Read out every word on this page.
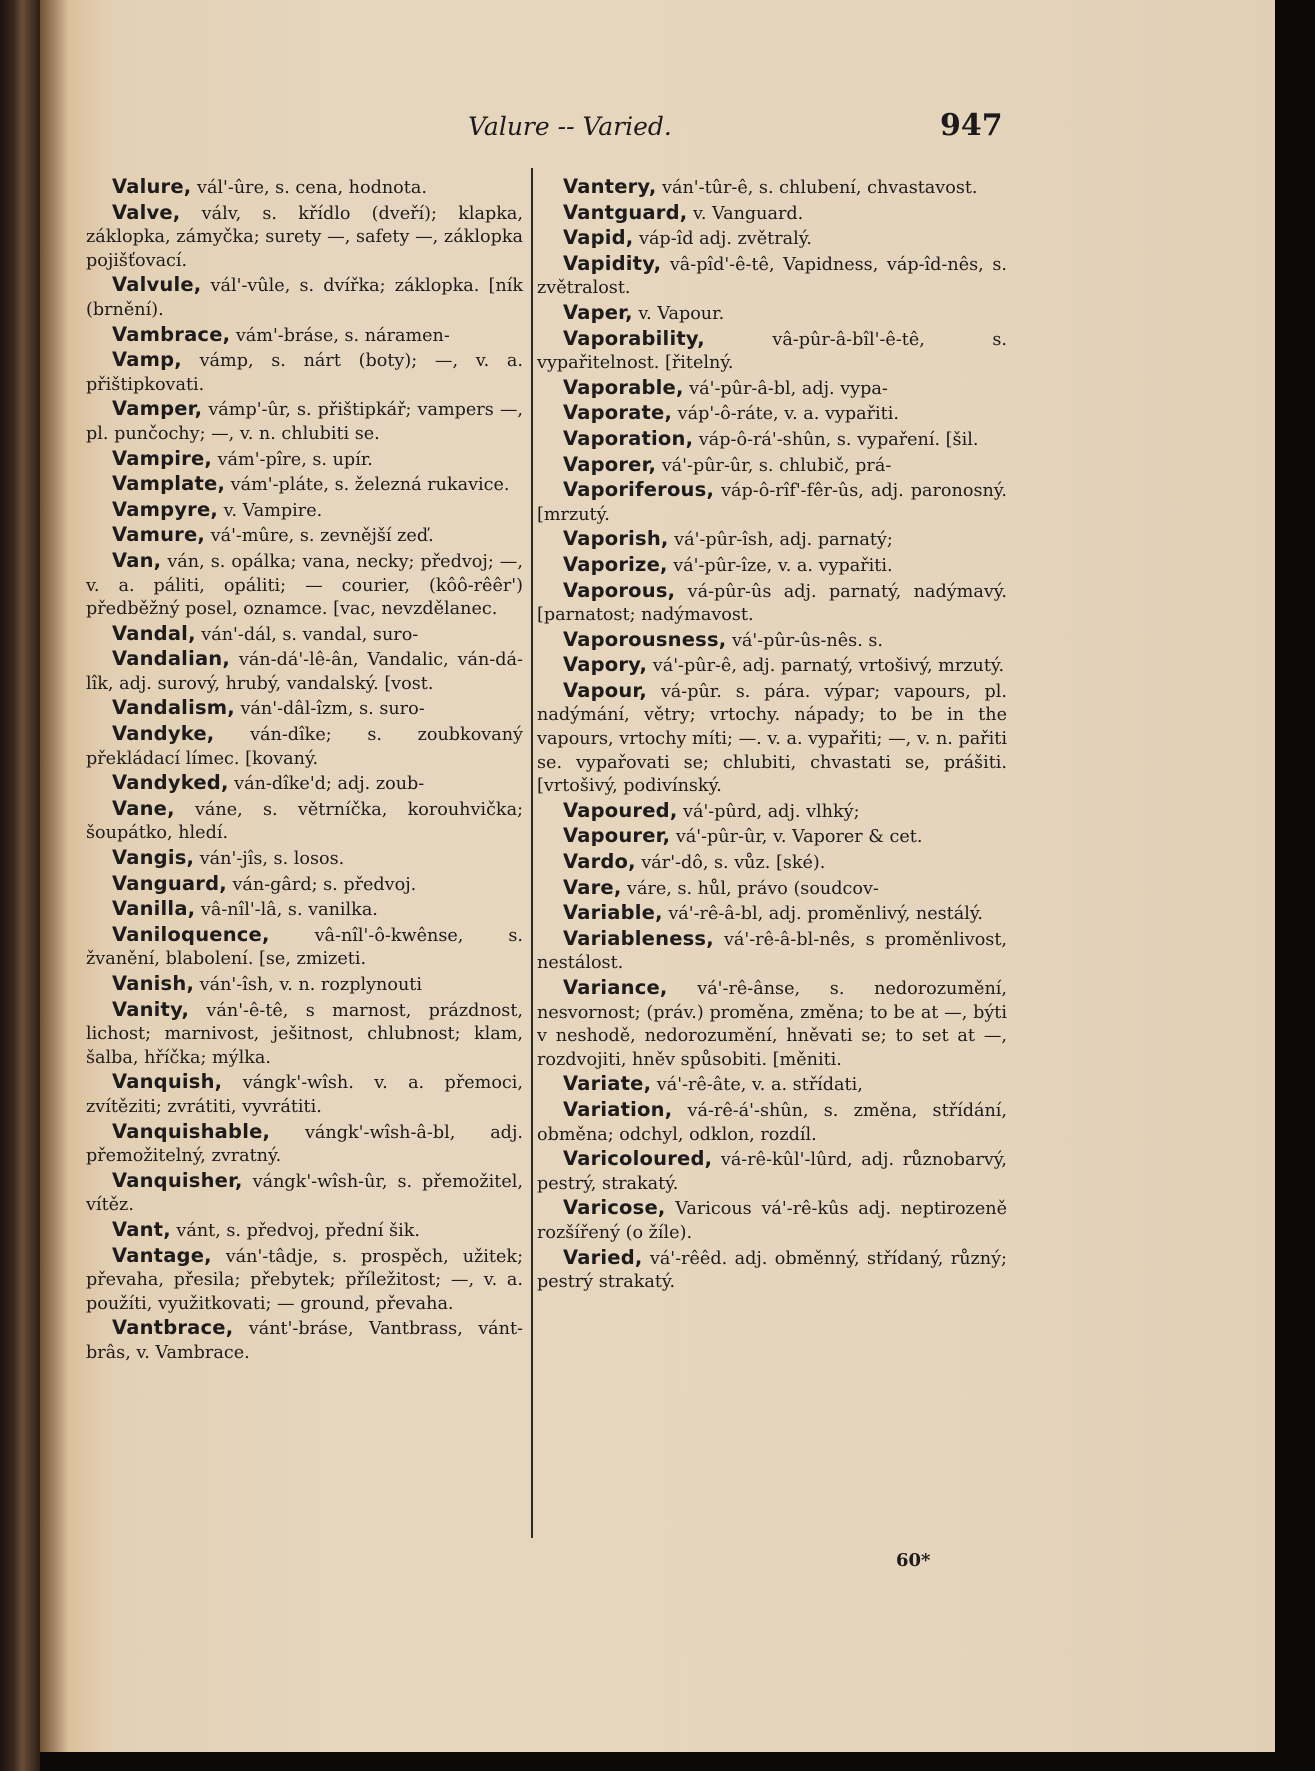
Valure -- Varied.	947

Valure, vál'-ûre, s. cena, hodnota.

Valve, válv, s. křídlo (dveří); klapka, záklopka, zámyčka; surety —, safety —, záklopka pojišťovací.

Valvule, vál'-vûle, s. dvířka; záklopka. [ník (brnění).

Vambrace, vám'-bráse, s. náramen-

Vamp, vámp, s. nárt (boty); —, v. a. přištipkovati.

Vamper, vámp'-ûr, s. přištipkář; vampers —, pl. punčochy; —, v. n. chlubiti se.

Vampire, vám'-pîre, s. upír.

Vamplate, vám'-pláte, s. železná rukavice.

Vampyre, v. Vampire.

Vamure, vá'-mûre, s. zevnější zeď.

Van, ván, s. opálka; vana, necky; předvoj; —, v. a. páliti, opáliti; — courier, (kôô-rêêr') předběžný posel, oznamce. [vac, nevzdělanec.

Vandal, ván'-dál, s. vandal, suro-

Vandalian, ván-dá'-lê-ân, Vandalic, ván-dá-lîk, adj. surový, hrubý, vandalský. [vost.

Vandalism, ván'-dâl-îzm, s. suro-

Vandyke, ván-dîke; s. zoubkovaný překládací límec. [kovaný.

Vandyked, ván-dîke'd; adj. zoub-

Vane, váne, s. větrníčka, korouhvička; šoupátko, hledí.

Vangis, ván'-jîs, s. losos.

Vanguard, ván-gârd; s. předvoj.

Vanilla, vâ-nîl'-lâ, s. vanilka.

Vaniloquence, vâ-nîl'-ô-kwênse, s. žvanění, blabolení. [se, zmizeti.

Vanish, ván'-îsh, v. n. rozplynouti

Vanity, ván'-ê-tê, s marnost, prázdnost, lichost; marnivost, ješitnost, chlubnost; klam, šalba, hříčka; mýlka.

Vanquish, vángk'-wîsh. v. a. přemoci, zvítěziti; zvrátiti, vyvrátiti.

Vanquishable, vángk'-wîsh-â-bl, adj. přemožitelný, zvratný.

Vanquisher, vángk'-wîsh-ûr, s. přemožitel, vítěz.

Vant, vánt, s. předvoj, přední šik.

Vantage, ván'-tâdje, s. prospěch, užitek; převaha, přesila; přebytek; příležitost; —, v. a. použíti, využitkovati; — ground, převaha.

Vantbrace, vánt'-bráse, Vantbrass, vánt-brâs, v. Vambrace.

Vantery, ván'-tûr-ê, s. chlubení, chvastavost.

Vantguard, v. Vanguard.

Vapid, váp-îd adj. zvětralý.

Vapidity, vâ-pîd'-ê-tê, Vapidness, váp-îd-nês, s. zvětralost.

Vaper, v. Vapour.

Vaporability, vâ-pûr-â-bîl'-ê-tê, s. vypařitelnost. [řitelný.

Vaporable, vá'-pûr-â-bl, adj. vypa-

Vaporate, váp'-ô-ráte, v. a. vypařiti.

Vaporation, váp-ô-rá'-shûn, s. vypaření. [šil.

Vaporer, vá'-pûr-ûr, s. chlubič, prá-

Vaporiferous, váp-ô-rîf'-fêr-ûs, adj. paronosný. [mrzutý.

Vaporish, vá'-pûr-îsh, adj. parnatý;

Vaporize, vá'-pûr-îze, v. a. vypařiti.

Vaporous, vá-pûr-ûs adj. parnatý, nadýmavý. [parnatost; nadýmavost.

Vaporousness, vá'-pûr-ûs-nês. s.

Vapory, vá'-pûr-ê, adj. parnatý, vrtošivý, mrzutý.

Vapour, vá-pûr. s. pára. výpar; vapours, pl. nadýmání, větry; vrtochy. nápady; to be in the vapours, vrtochy míti; —. v. a. vypařiti; —, v. n. pařiti se. vypařovati se; chlubiti, chvastati se, prášiti. [vrtošivý, podivínský.

Vapoured, vá'-pûrd, adj. vlhký;

Vapourer, vá'-pûr-ûr, v. Vaporer & cet.

Vardo, vár'-dô, s. vůz. [ské).

Vare, váre, s. hůl, právo (soudcov-

Variable, vá'-rê-â-bl, adj. proměnlivý, nestálý.

Variableness, vá'-rê-â-bl-nês, s proměnlivost, nestálost.

Variance, vá'-rê-ânse, s. nedorozumění, nesvornost; (práv.) proměna, změna; to be at —, býti v neshodě, nedorozumění, hněvati se; to set at —, rozdvojiti, hněv spůsobiti. [měniti.

Variate, vá'-rê-âte, v. a. střídati,

Variation, vá-rê-á'-shûn, s. změna, střídání, obměna; odchyl, odklon, rozdíl.

Varicoloured, vá-rê-kûl'-lûrd, adj. různobarvý, pestrý, strakatý.

Varicose, Varicous vá'-rê-kûs adj. neptirozeně rozšířený (o žíle).

Varied, vá'-rêêd. adj. obměnný, střídaný, různý; pestrý strakatý.

60*
